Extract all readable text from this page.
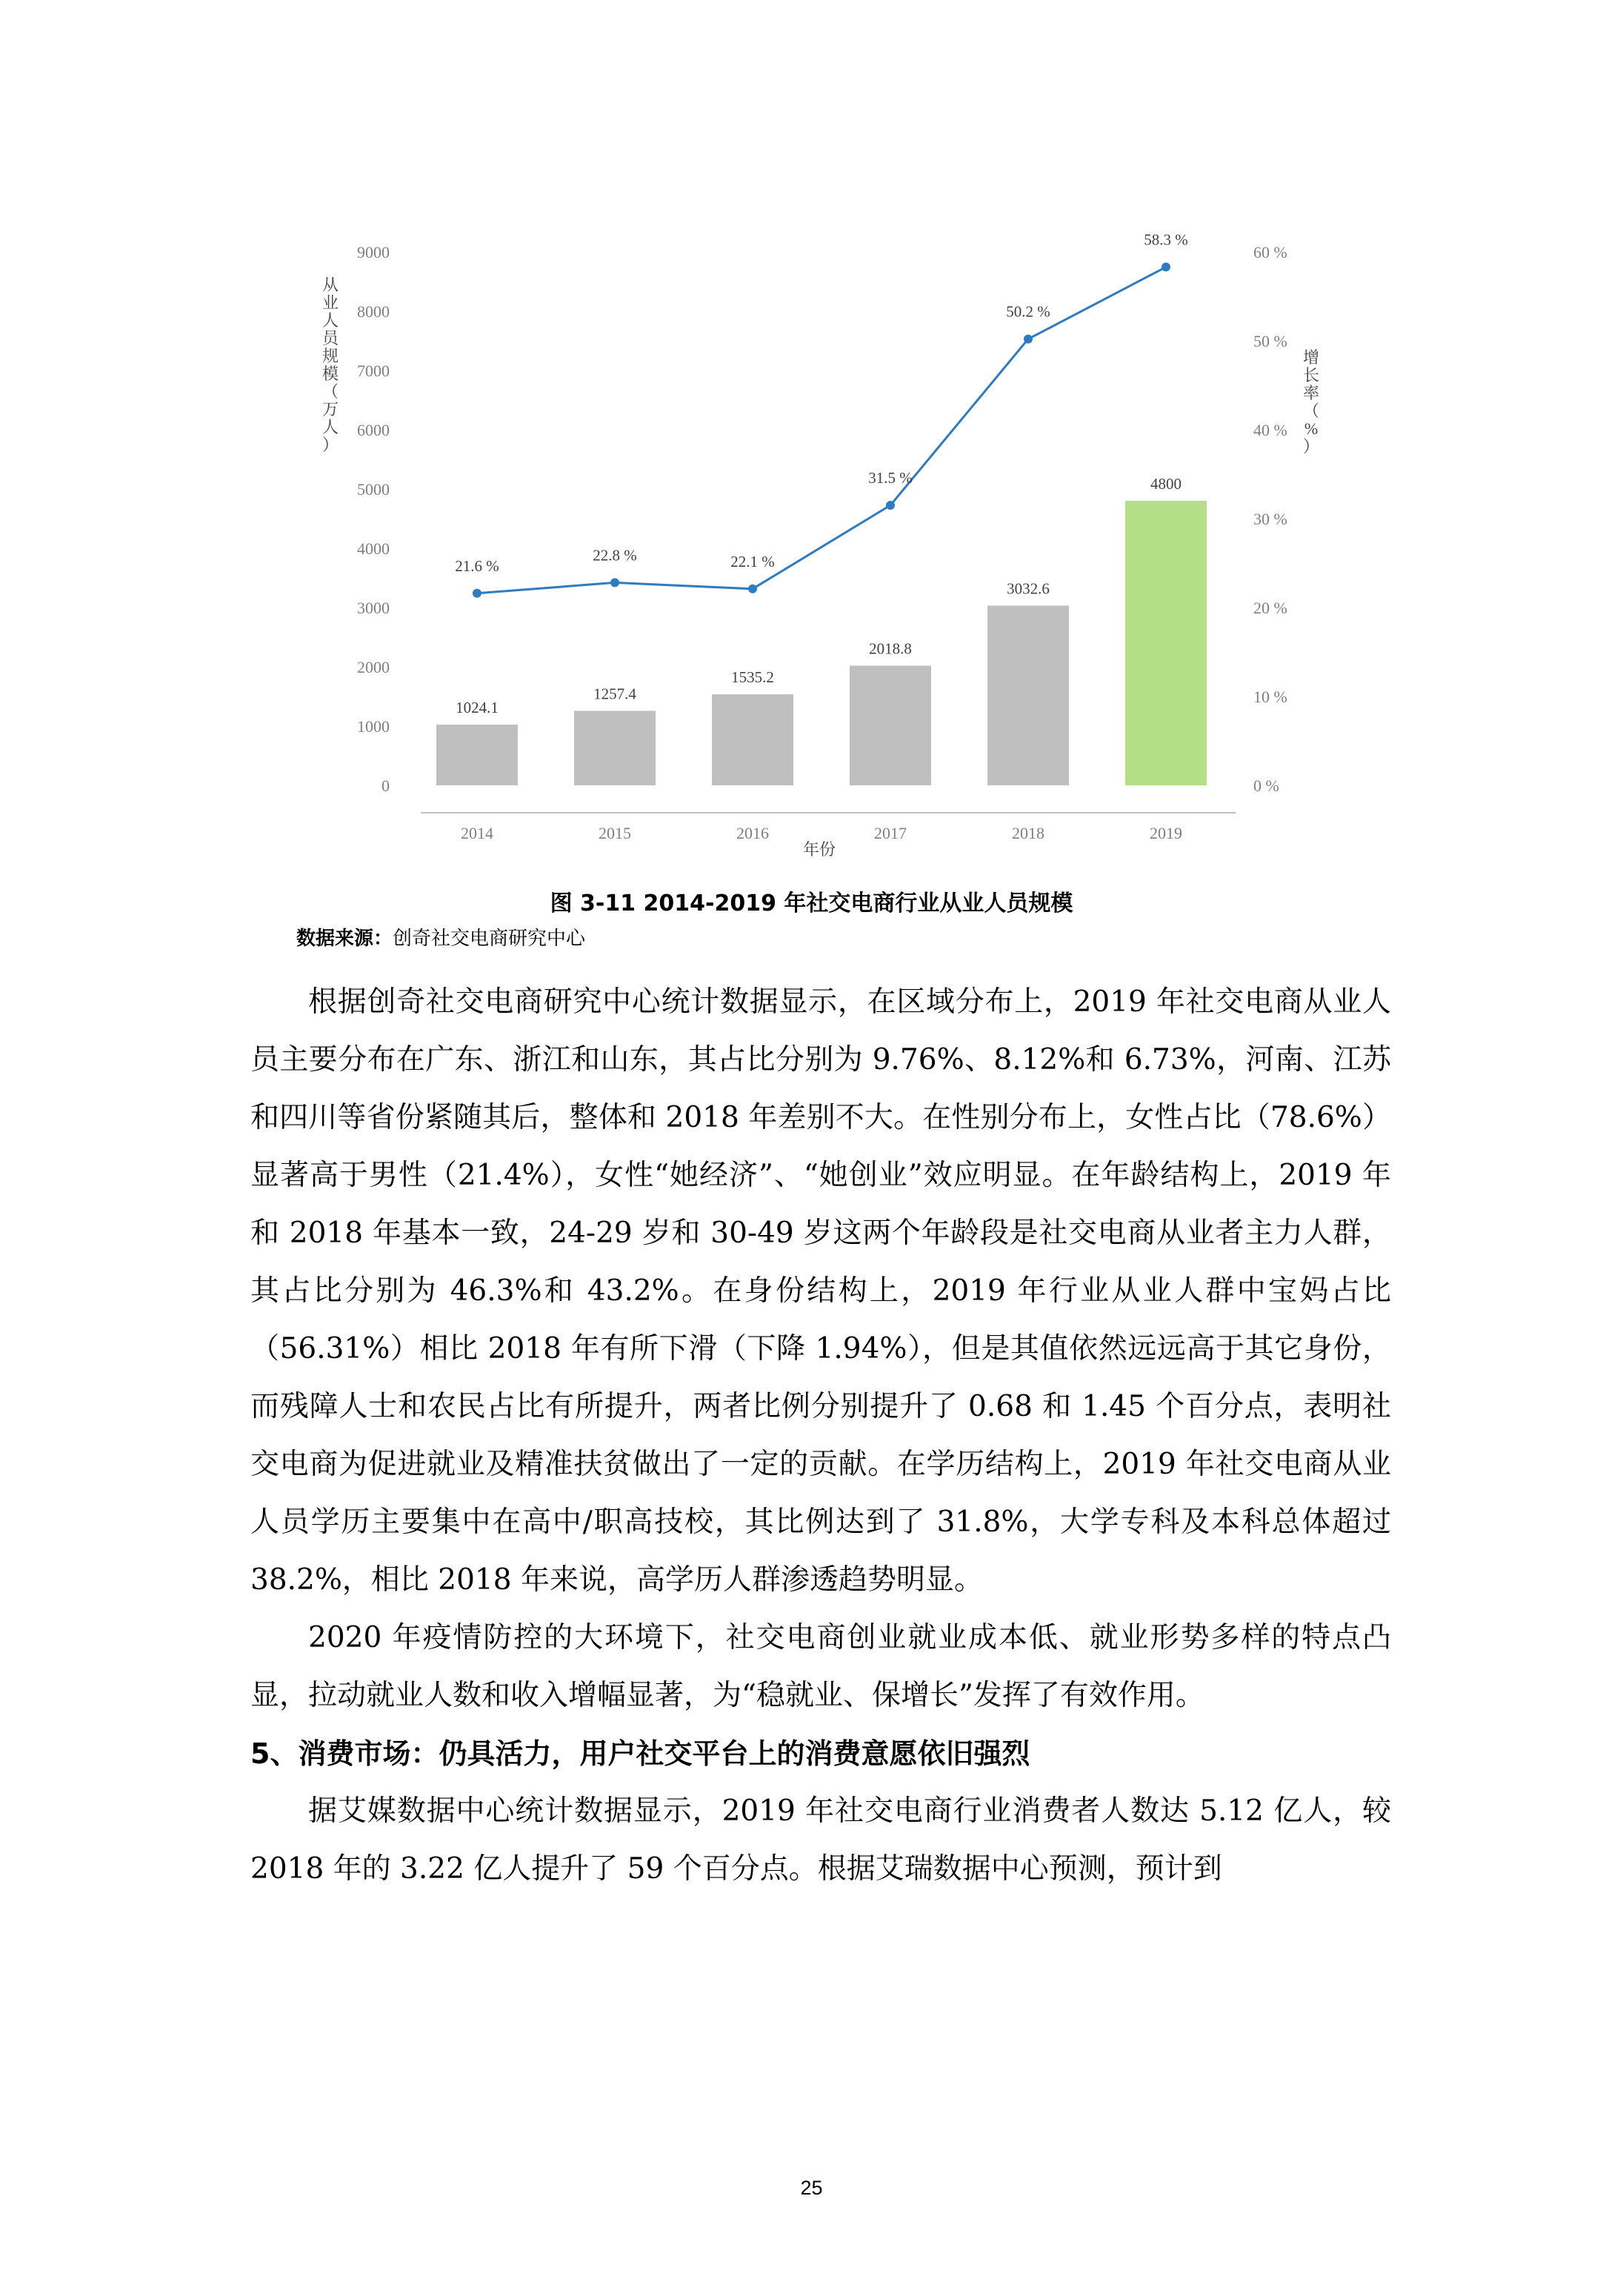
0
1000
2000
3000
4000
5000
6000
7000
8000
9000
0 %
10 %
20 %
30 %
40 %
50 %
60 %
1024.1
1257.4
1535.2
2018.8
3032.6
4800
2014	2015	2016	2017	2018	2019
21.6 %
22.8 %	22.1 %
31.5 %
50.2 %
58.3 %
年份
从业人员规模（万人）
增长率（%）
图 3-11 2014-2019 年社交电商行业从业人员规模
数据来源：创奇社交电商研究中心

根据创奇社交电商研究中心统计数据显示，在区域分布上，2019 年社交电商从业人员主要分布在广东、浙江和山东，其占比分别为 9.76%、8.12%和 6.73%，河南、江苏和四川等省份紧随其后，整体和 2018 年差别不大。在性别分布上，女性占比（78.6%）显著高于男性（21.4%），女性“她经济”、“她创业”效应明显。在年龄结构上，2019 年和 2018 年基本一致，24-29 岁和 30-49 岁这两个年龄段是社交电商从业者主力人群，其占比分别为 46.3%和 43.2%。在身份结构上，2019 年行业从业人群中宝妈占比（56.31%）相比 2018 年有所下滑（下降 1.94%），但是其值依然远远高于其它身份，而残障人士和农民占比有所提升，两者比例分别提升了 0.68 和 1.45 个百分点，表明社交电商为促进就业及精准扶贫做出了一定的贡献。在学历结构上，2019 年社交电商从业人员学历主要集中在高中/职高技校，其比例达到了 31.8%，大学专科及本科总体超过 38.2%，相比 2018 年来说，高学历人群渗透趋势明显。

2020 年疫情防控的大环境下，社交电商创业就业成本低、就业形势多样的特点凸显，拉动就业人数和收入增幅显著，为“稳就业、保增长”发挥了有效作用。

5、消费市场：仍具活力，用户社交平台上的消费意愿依旧强烈

据艾媒数据中心统计数据显示，2019 年社交电商行业消费者人数达 5.12 亿人，较 2018 年的 3.22 亿人提升了 59 个百分点。根据艾瑞数据中心预测，预计到

25
